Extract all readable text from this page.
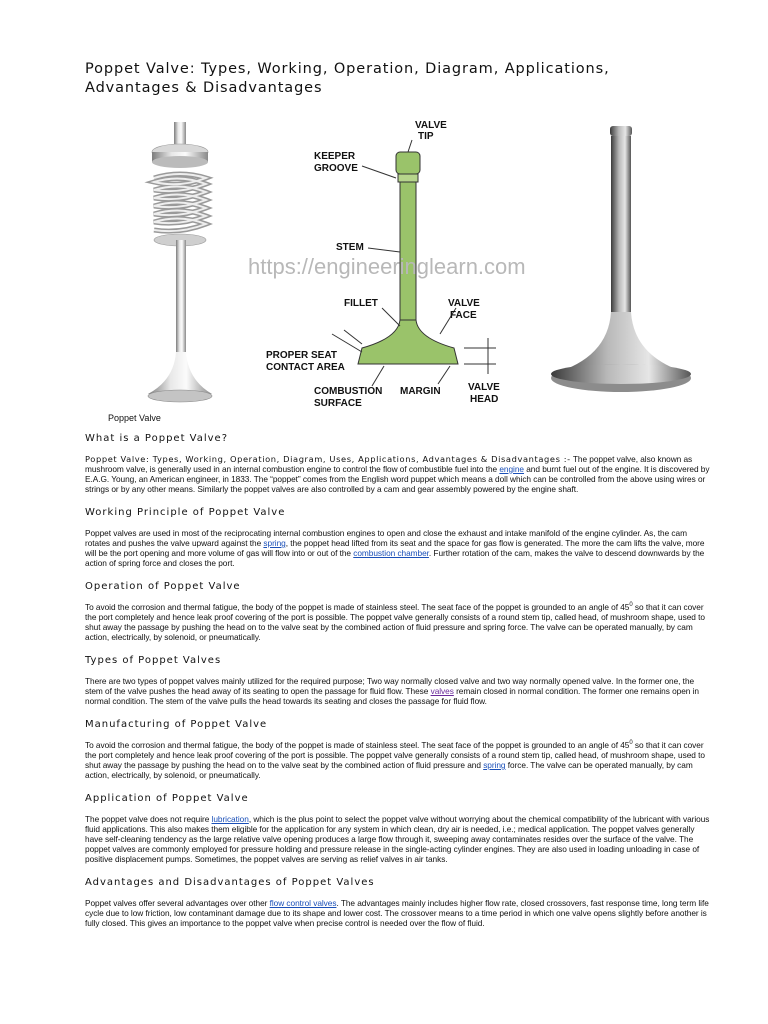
Poppet Valve: Types, Working, Operation, Diagram, Applications, Advantages & Disadvantages
VALVE
TIP
KEEPER
GROOVE
STEM
FILLET	VALVE
FACE
PROPER SEAT
CONTACT AREA
COMBUSTION
SURFACE
MARGIN	VALVE
HEAD
https://engineeringlearn.com
Poppet Valve
What is a Poppet Valve?

Poppet Valve: Types, Working, Operation, Diagram, Uses, Applications, Advantages & Disadvantages :- The poppet valve, also known as mushroom valve, is generally used in an internal combustion engine to control the flow of combustible fuel into the engine and burnt fuel out of the engine. It is discovered by E.A.G. Young, an American engineer, in 1833. The “poppet” comes from the English word puppet which means a doll which can be controlled from the above using wires or strings or by any other means. Similarly the poppet valves are also controlled by a cam and gear assembly powered by the engine shaft.

Working Principle of Poppet Valve

Poppet valves are used in most of the reciprocating internal combustion engines to open and close the exhaust and intake manifold of the engine cylinder. As, the cam rotates and pushes the valve upward against the spring, the poppet head lifted from its seat and the space for gas flow is generated. The more the cam lifts the valve, more will be the port opening and more volume of gas will flow into or out of the combustion chamber. Further rotation of the cam, makes the valve to descend downwards by the action of spring force and closes the port.

Operation of Poppet Valve

To avoid the corrosion and thermal fatigue, the body of the poppet is made of stainless steel. The seat face of the poppet is grounded to an angle of $45^0$ so that it can cover the port completely and hence leak proof covering of the port is possible. The poppet valve generally consists of a round stem tip, called head, of mushroom shape, used to shut away the passage by pushing the head on to the valve seat by the combined action of fluid pressure and spring force. The valve can be operated manually, by cam action, electrically, by solenoid, or pneumatically.

Types of Poppet Valves

There are two types of poppet valves mainly utilized for the required purpose; Two way normally closed valve and two way normally opened valve. In the former one, the stem of the valve pushes the head away of its seating to open the passage for fluid flow. These valves remain closed in normal condition. The former one remains open in normal condition. The stem of the valve pulls the head towards its seating and closes the passage for fluid flow.

Manufacturing of Poppet Valve

To avoid the corrosion and thermal fatigue, the body of the poppet is made of stainless steel. The seat face of the poppet is grounded to an angle of $45^0$ so that it can cover the port completely and hence leak proof covering of the port is possible. The poppet valve generally consists of a round stem tip, called head, of mushroom shape, used to shut away the passage by pushing the head on to the valve seat by the combined action of fluid pressure and spring force. The valve can be operated manually, by cam action, electrically, by solenoid, or pneumatically.

Application of Poppet Valve

The poppet valve does not require lubrication, which is the plus point to select the poppet valve without worrying about the chemical compatibility of the lubricant with various fluid applications. This also makes them eligible for the application for any system in which clean, dry air is needed, i.e.; medical application. The poppet valves generally have self-cleaning tendency as the large relative valve opening produces a large flow through it, sweeping away contaminates resides over the surface of the valve. The poppet valves are commonly employed for pressure holding and pressure release in the single-acting cylinder engines. They are also used in loading unloading in case of positive displacement pumps. Sometimes, the poppet valves are serving as relief valves in air tanks.

Advantages and Disadvantages of Poppet Valves

Poppet valves offer several advantages over other flow control valves. The advantages mainly includes higher flow rate, closed crossovers, fast response time, long term life cycle due to low friction, low contaminant damage due to its shape and lower cost. The crossover means to a time period in which one valve opens slightly before another is fully closed. This gives an importance to the poppet valve when precise control is needed over the flow of fluid.
